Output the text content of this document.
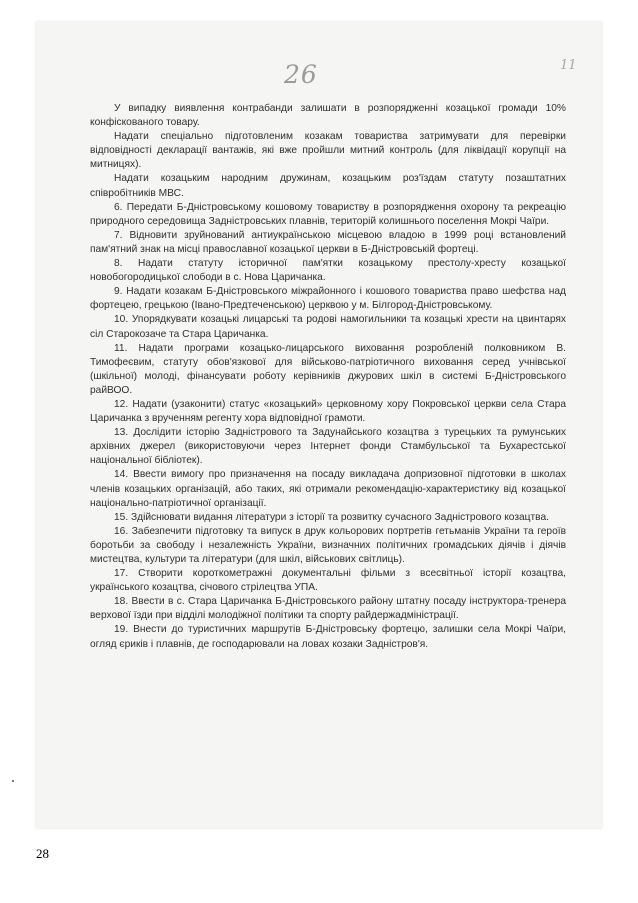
26	11

У випадку виявлення контрабанди залишати в розпорядженні козацької громади 10% конфіскованого товару.

Надати спеціально підготовленим козакам товариства затримувати для перевірки відповідності декларації вантажів, які вже пройшли митний контроль (для ліквідації корупції на митницях).

Надати козацьким народним дружинам, козацьким роз'їздам статуту позаштатних співробітників МВС.

6. Передати Б-Дністровському кошовому товариству в розпорядження охорону та рекреацію природного середовища Задністровських плавнів, територій колишнього поселення Мокрі Чаїри.

7. Відновити зруйнований антиукраїнською місцевою владою в 1999 році встановлений пам'ятний знак на місці православної козацької церкви в Б-Дністровській фортеці.

8. Надати статуту історичної пам'ятки козацькому престолу-хресту козацької новобогородицької слободи в с. Нова Царичанка.

9. Надати козакам Б-Дністровського міжрайонного і кошового товариства право шефства над фортецею, грецькою (Івано-Предтеченською) церквою у м. Білгород-Дністровському.

10. Упорядкувати козацькі лицарські та родові намогильники та козацькі хрести на цвинтарях сіл Старокозаче та Стара Царичанка.

11. Надати програми козацько-лицарського виховання розробленій полковником В. Тимофеєвим, статуту обов'язкової для військово-патріотичного виховання серед учнівської (шкільної) молоді, фінансувати роботу керівників джурових шкіл в системі Б-Дністровського райВОО.

12. Надати (узаконити) статус «козацький» церковному хору Покровської церкви села Стара Царичанка з врученням регенту хора відповідної грамоти.

13. Дослідити історію Задністрового та Задунайського козацтва з турецьких та румунських архівних джерел (використовуючи через Інтернет фонди Стамбульської та Бухарестської національної бібліотек).

14. Ввести вимогу про призначення на посаду викладача допризовної підготовки в школах членів козацьких організацій, або таких, які отримали рекомендацію-характеристику від козацької національно-патріотичної організації.

15. Здійснювати видання літератури з історії та розвитку сучасного Задністрового козацтва.

16. Забезпечити підготовку та випуск в друк кольорових портретів гетьманів України та героїв боротьби за свободу і незалежність України, визначних політичних громадських діячів і діячів мистецтва, культури та літератури (для шкіл, військових світлиць).

17. Створити короткометражні документальні фільми з всесвітньої історії козацтва, українського козацтва, січового стрілецтва УПА.

18. Ввести в с. Стара Царичанка Б-Дністровського району штатну посаду інструктора-тренера верхової їзди при відділі молодіжної політики та спорту райдержадміністрації.

19. Внести до туристичних маршрутів Б-Дністровську фортецю, залишки села Мокрі Чаїри, огляд єриків і плавнів, де господарювали на ловах козаки Задністров'я.

28
